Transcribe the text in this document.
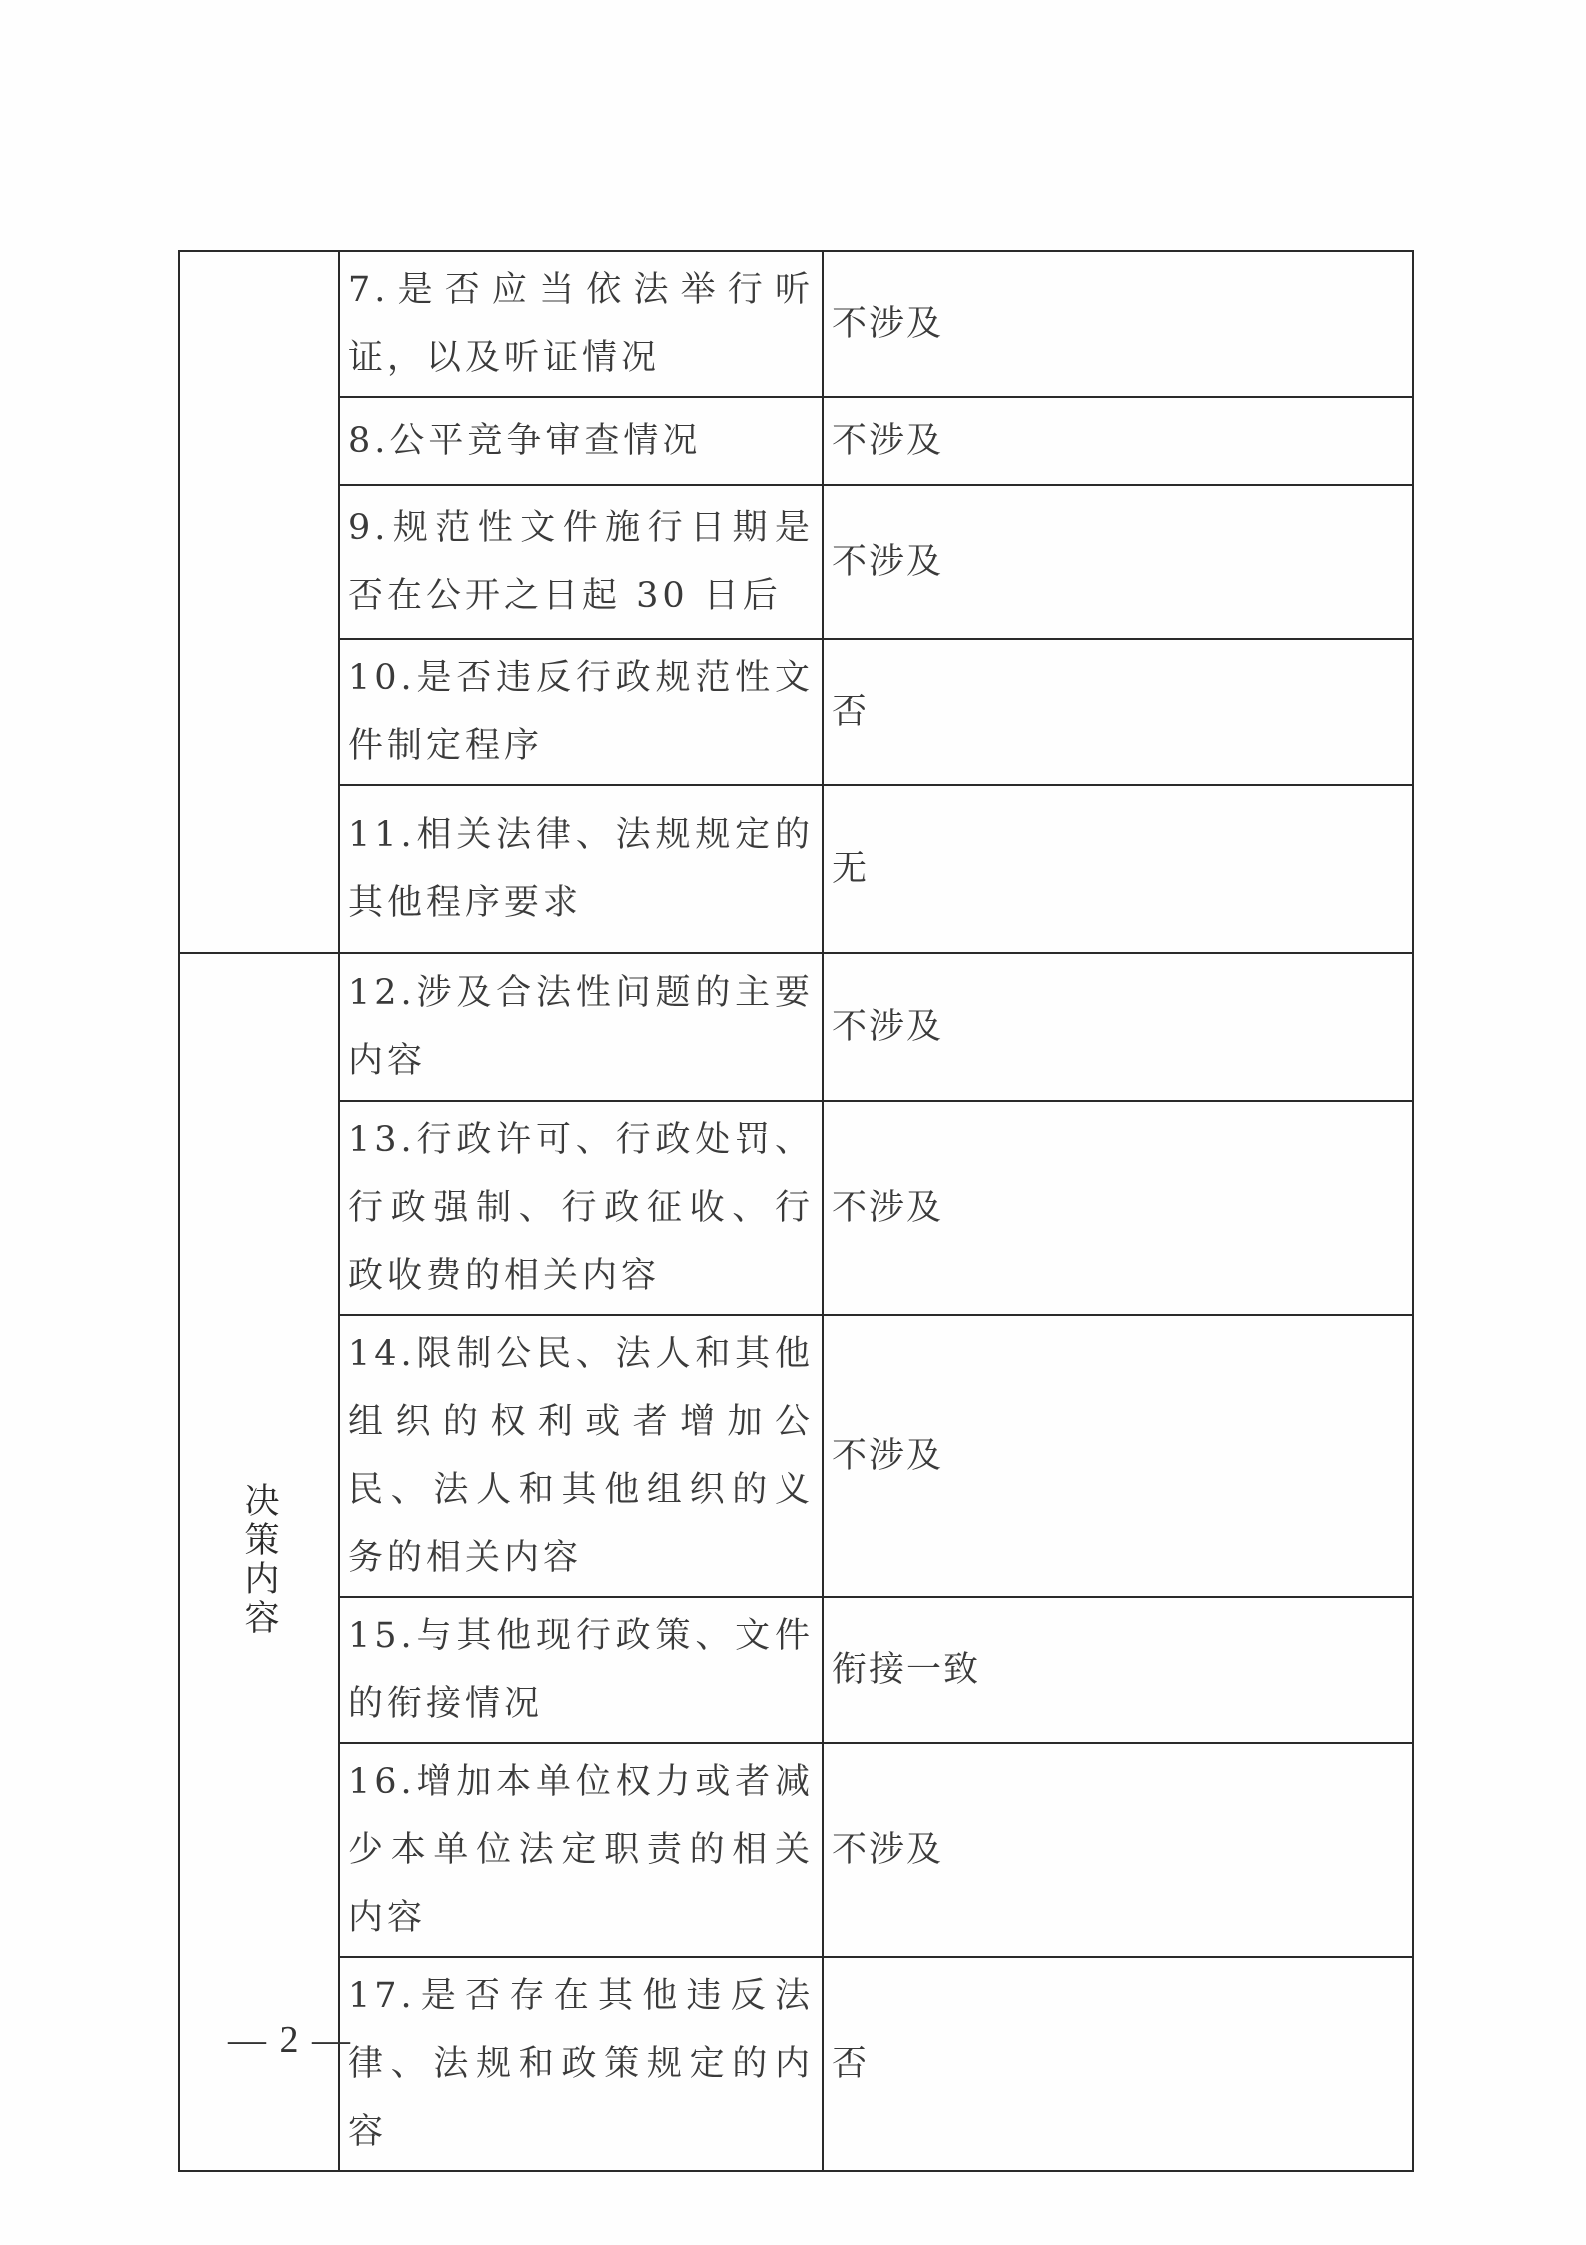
	7.是否应当依法举行听证，以及听证情况	不涉及
	8.公平竞争审查情况	不涉及
	9.规范性文件施行日期是否在公开之日起 30 日后	不涉及
	10.是否违反行政规范性文件制定程序	否
	11.相关法律、法规规定的其他程序要求	无
决策内容	12.涉及合法性问题的主要内容	不涉及
	13.行政许可、行政处罚、行政强制、行政征收、行政收费的相关内容	不涉及
	14.限制公民、法人和其他组织的权利或者增加公民、法人和其他组织的义务的相关内容	不涉及
	15.与其他现行政策、文件的衔接情况	衔接一致
	16.增加本单位权力或者减少本单位法定职责的相关内容	不涉及
	17.是否存在其他违反法律、法规和政策规定的内容	否
— 2 —
